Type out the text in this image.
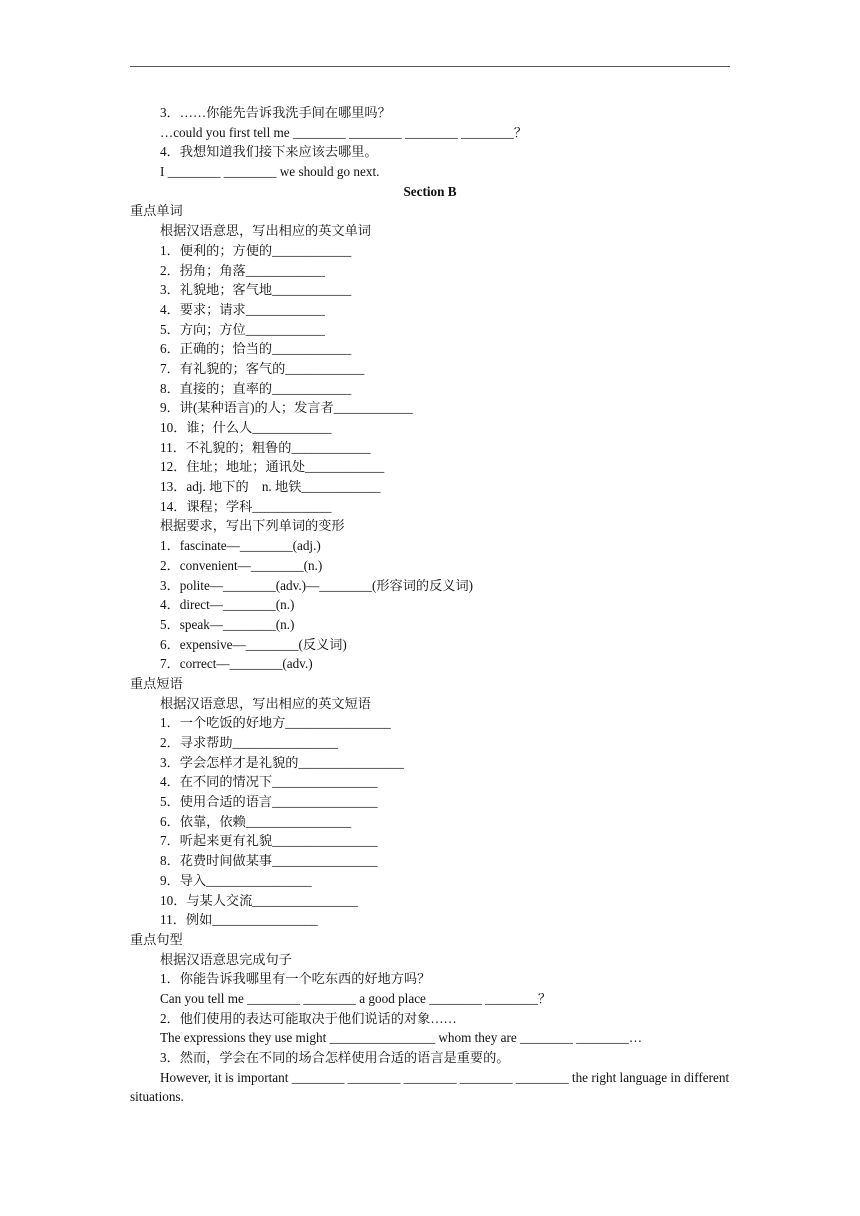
3．……你能先告诉我洗手间在哪里吗？
…could you first tell me ________ ________ ________ ________？
4．我想知道我们接下来应该去哪里。
I ________ ________ we should go next.
Section B
重点单词
根据汉语意思，写出相应的英文单词
1．便利的；方便的____________
2．拐角；角落____________
3．礼貌地；客气地____________
4．要求；请求____________
5．方向；方位____________
6．正确的；恰当的____________
7．有礼貌的；客气的____________
8．直接的；直率的____________
9．讲(某种语言)的人；发言者____________
10．谁；什么人____________
11．不礼貌的；粗鲁的____________
12．住址；地址；通讯处____________
13．adj. 地下的　n. 地铁____________
14．课程；学科____________
根据要求，写出下列单词的变形
1．fascinate—________(adj.)
2．convenient—________(n.)
3．polite—________(adv.)—________(形容词的反义词)
4．direct—________(n.)
5．speak—________(n.)
6．expensive—________(反义词)
7．correct—________(adv.)
重点短语
根据汉语意思，写出相应的英文短语
1．一个吃饭的好地方________________
2．寻求帮助________________
3．学会怎样才是礼貌的________________
4．在不同的情况下________________
5．使用合适的语言________________
6．依靠，依赖________________
7．听起来更有礼貌________________
8．花费时间做某事________________
9．导入________________
10．与某人交流________________
11．例如________________
重点句型
根据汉语意思完成句子
1．你能告诉我哪里有一个吃东西的好地方吗？
Can you tell me ________ ________ a good place ________ ________？
2．他们使用的表达可能取决于他们说话的对象……
The expressions they use might ________________ whom they are ________ ________…
3．然而，学会在不同的场合怎样使用合适的语言是重要的。
However, it is important ________ ________ ________ ________ ________ the right language in different situations.
